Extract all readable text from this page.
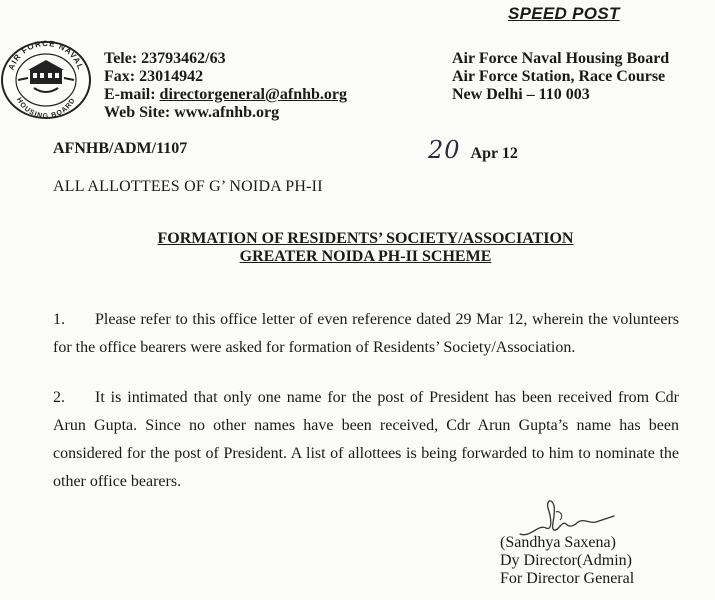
SPEED POST
AIR FORCE NAVAL
HOUSING BOARD
Tele: 23793462/63
Fax: 23014942
E-mail: directorgeneral@afnhb.org
Web Site: www.afnhb.org
Air Force Naval Housing Board
Air Force Station, Race Course
New Delhi – 110 003
AFNHB/ADM/1107	20 Apr 12
ALL ALLOTTEES OF G’ NOIDA PH-II
FORMATION OF RESIDENTS’ SOCIETY/ASSOCIATION
GREATER NOIDA PH-II SCHEME
1. Please refer to this office letter of even reference dated 29 Mar 12, wherein the volunteers for the office bearers were asked for formation of Residents’ Society/Association.
2. It is intimated that only one name for the post of President has been received from Cdr Arun Gupta. Since no other names have been received, Cdr Arun Gupta’s name has been considered for the post of President. A list of allottees is being forwarded to him to nominate the other office bearers.
(Sandhya Saxena)
Dy Director(Admin)
For Director General
